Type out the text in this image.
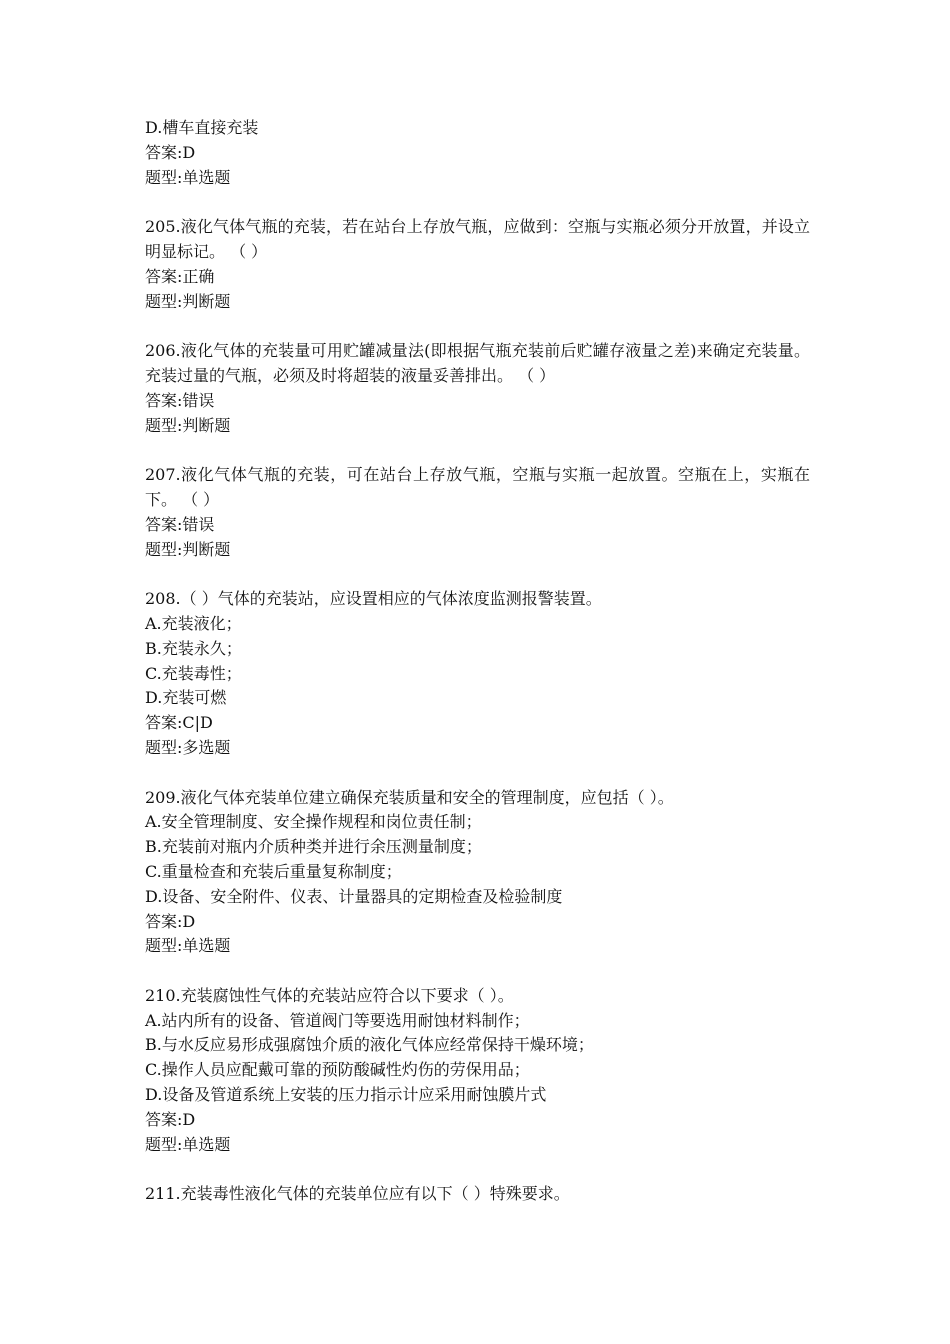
D.槽车直接充装
答案:D
题型:单选题
205.液化气体气瓶的充装，若在站台上存放气瓶，应做到：空瓶与实瓶必须分开放置，并设立明显标记。 （ ）
答案:正确
题型:判断题
206.液化气体的充装量可用贮罐减量法(即根据气瓶充装前后贮罐存液量之差)来确定充装量。充装过量的气瓶，必须及时将超装的液量妥善排出。 （ ）
答案:错误
题型:判断题
207.液化气体气瓶的充装，可在站台上存放气瓶，空瓶与实瓶一起放置。空瓶在上，实瓶在下。 （ ）
答案:错误
题型:判断题
208.（ ）气体的充装站，应设置相应的气体浓度监测报警装置。
A.充装液化；
B.充装永久；
C.充装毒性；
D.充装可燃
答案:C|D
题型:多选题
209.液化气体充装单位建立确保充装质量和安全的管理制度，应包括（ ）。
A.安全管理制度、安全操作规程和岗位责任制；
B.充装前对瓶内介质种类并进行余压测量制度；
C.重量检查和充装后重量复称制度；
D.设备、安全附件、仪表、计量器具的定期检查及检验制度
答案:D
题型:单选题
210.充装腐蚀性气体的充装站应符合以下要求（ ）。
A.站内所有的设备、管道阀门等要选用耐蚀材料制作；
B.与水反应易形成强腐蚀介质的液化气体应经常保持干燥环境；
C.操作人员应配戴可靠的预防酸碱性灼伤的劳保用品；
D.设备及管道系统上安装的压力指示计应采用耐蚀膜片式
答案:D
题型:单选题
211.充装毒性液化气体的充装单位应有以下（ ）特殊要求。
